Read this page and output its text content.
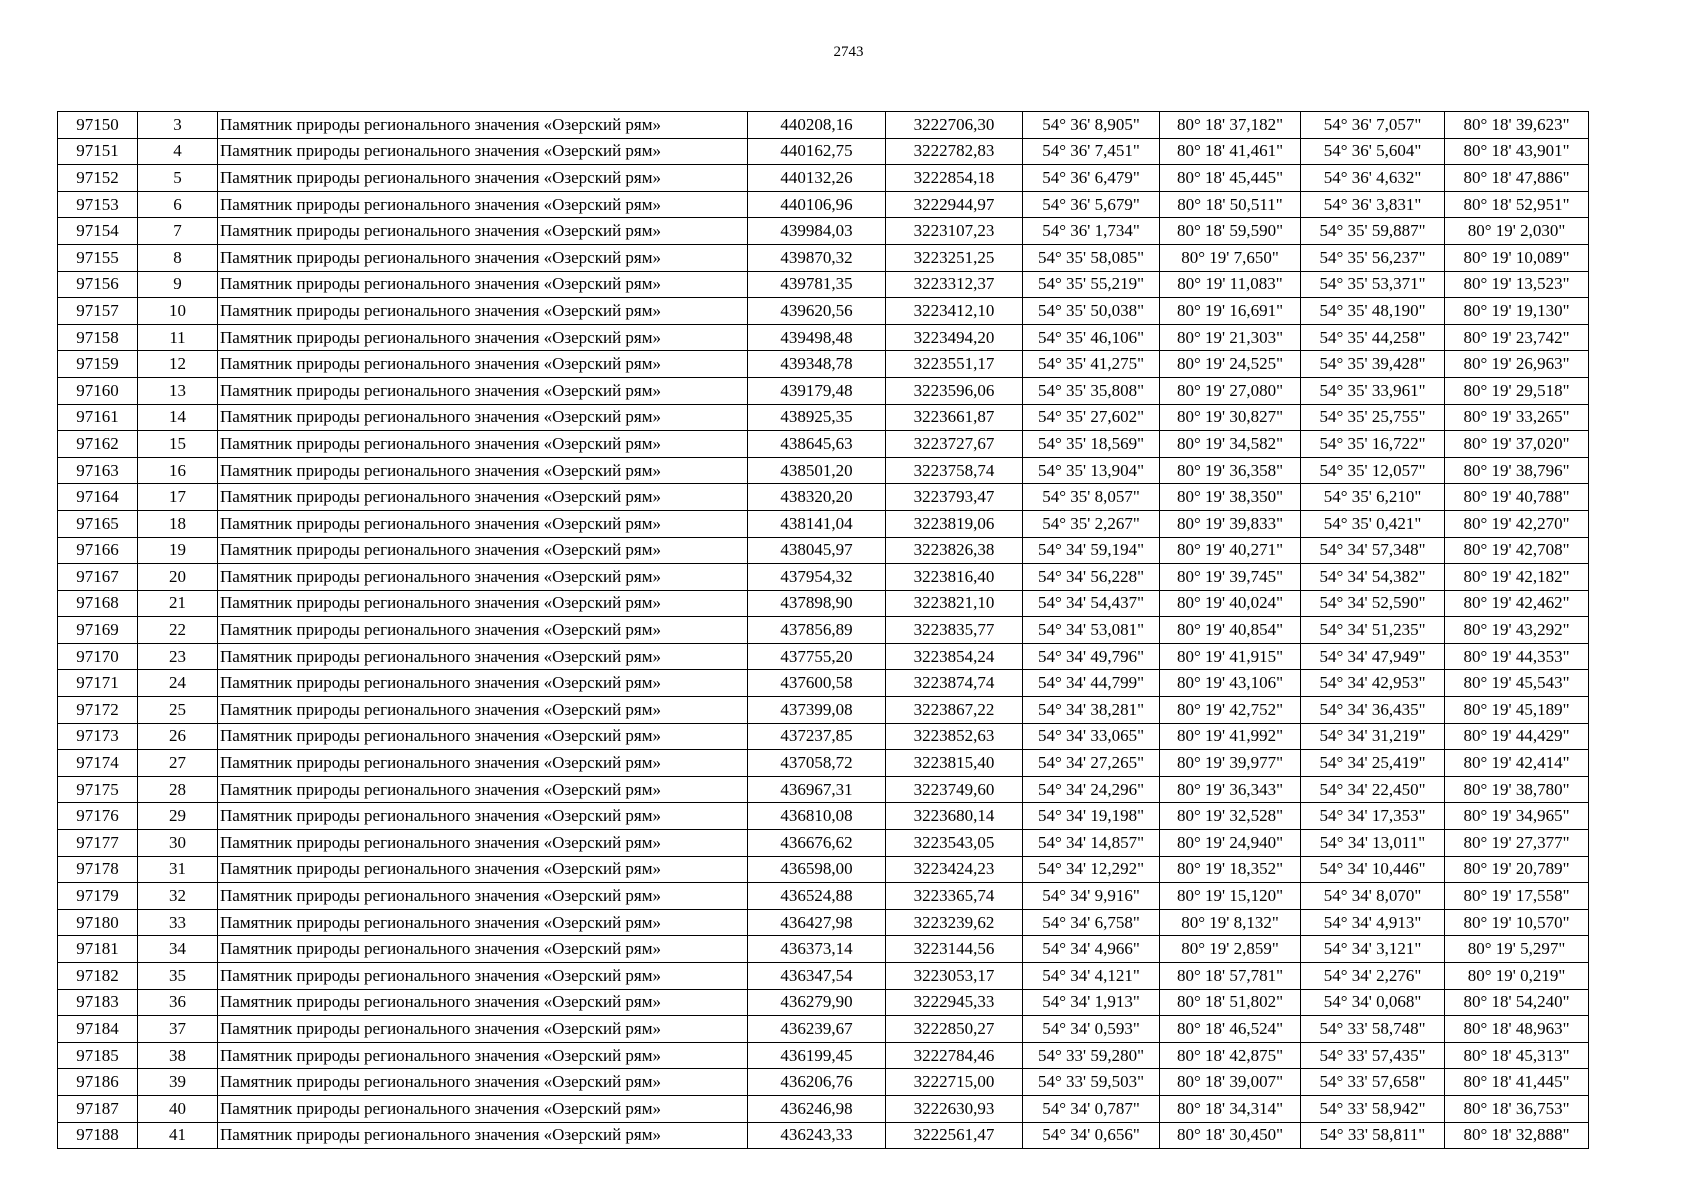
2743
97150	3	Памятник природы регионального значения «Озерский рям»	440208,16	3222706,30	54° 36' 8,905"	80° 18' 37,182"	54° 36' 7,057"	80° 18' 39,623"
97151	4	Памятник природы регионального значения «Озерский рям»	440162,75	3222782,83	54° 36' 7,451"	80° 18' 41,461"	54° 36' 5,604"	80° 18' 43,901"
97152	5	Памятник природы регионального значения «Озерский рям»	440132,26	3222854,18	54° 36' 6,479"	80° 18' 45,445"	54° 36' 4,632"	80° 18' 47,886"
97153	6	Памятник природы регионального значения «Озерский рям»	440106,96	3222944,97	54° 36' 5,679"	80° 18' 50,511"	54° 36' 3,831"	80° 18' 52,951"
97154	7	Памятник природы регионального значения «Озерский рям»	439984,03	3223107,23	54° 36' 1,734"	80° 18' 59,590"	54° 35' 59,887"	80° 19' 2,030"
97155	8	Памятник природы регионального значения «Озерский рям»	439870,32	3223251,25	54° 35' 58,085"	80° 19' 7,650"	54° 35' 56,237"	80° 19' 10,089"
97156	9	Памятник природы регионального значения «Озерский рям»	439781,35	3223312,37	54° 35' 55,219"	80° 19' 11,083"	54° 35' 53,371"	80° 19' 13,523"
97157	10	Памятник природы регионального значения «Озерский рям»	439620,56	3223412,10	54° 35' 50,038"	80° 19' 16,691"	54° 35' 48,190"	80° 19' 19,130"
97158	11	Памятник природы регионального значения «Озерский рям»	439498,48	3223494,20	54° 35' 46,106"	80° 19' 21,303"	54° 35' 44,258"	80° 19' 23,742"
97159	12	Памятник природы регионального значения «Озерский рям»	439348,78	3223551,17	54° 35' 41,275"	80° 19' 24,525"	54° 35' 39,428"	80° 19' 26,963"
97160	13	Памятник природы регионального значения «Озерский рям»	439179,48	3223596,06	54° 35' 35,808"	80° 19' 27,080"	54° 35' 33,961"	80° 19' 29,518"
97161	14	Памятник природы регионального значения «Озерский рям»	438925,35	3223661,87	54° 35' 27,602"	80° 19' 30,827"	54° 35' 25,755"	80° 19' 33,265"
97162	15	Памятник природы регионального значения «Озерский рям»	438645,63	3223727,67	54° 35' 18,569"	80° 19' 34,582"	54° 35' 16,722"	80° 19' 37,020"
97163	16	Памятник природы регионального значения «Озерский рям»	438501,20	3223758,74	54° 35' 13,904"	80° 19' 36,358"	54° 35' 12,057"	80° 19' 38,796"
97164	17	Памятник природы регионального значения «Озерский рям»	438320,20	3223793,47	54° 35' 8,057"	80° 19' 38,350"	54° 35' 6,210"	80° 19' 40,788"
97165	18	Памятник природы регионального значения «Озерский рям»	438141,04	3223819,06	54° 35' 2,267"	80° 19' 39,833"	54° 35' 0,421"	80° 19' 42,270"
97166	19	Памятник природы регионального значения «Озерский рям»	438045,97	3223826,38	54° 34' 59,194"	80° 19' 40,271"	54° 34' 57,348"	80° 19' 42,708"
97167	20	Памятник природы регионального значения «Озерский рям»	437954,32	3223816,40	54° 34' 56,228"	80° 19' 39,745"	54° 34' 54,382"	80° 19' 42,182"
97168	21	Памятник природы регионального значения «Озерский рям»	437898,90	3223821,10	54° 34' 54,437"	80° 19' 40,024"	54° 34' 52,590"	80° 19' 42,462"
97169	22	Памятник природы регионального значения «Озерский рям»	437856,89	3223835,77	54° 34' 53,081"	80° 19' 40,854"	54° 34' 51,235"	80° 19' 43,292"
97170	23	Памятник природы регионального значения «Озерский рям»	437755,20	3223854,24	54° 34' 49,796"	80° 19' 41,915"	54° 34' 47,949"	80° 19' 44,353"
97171	24	Памятник природы регионального значения «Озерский рям»	437600,58	3223874,74	54° 34' 44,799"	80° 19' 43,106"	54° 34' 42,953"	80° 19' 45,543"
97172	25	Памятник природы регионального значения «Озерский рям»	437399,08	3223867,22	54° 34' 38,281"	80° 19' 42,752"	54° 34' 36,435"	80° 19' 45,189"
97173	26	Памятник природы регионального значения «Озерский рям»	437237,85	3223852,63	54° 34' 33,065"	80° 19' 41,992"	54° 34' 31,219"	80° 19' 44,429"
97174	27	Памятник природы регионального значения «Озерский рям»	437058,72	3223815,40	54° 34' 27,265"	80° 19' 39,977"	54° 34' 25,419"	80° 19' 42,414"
97175	28	Памятник природы регионального значения «Озерский рям»	436967,31	3223749,60	54° 34' 24,296"	80° 19' 36,343"	54° 34' 22,450"	80° 19' 38,780"
97176	29	Памятник природы регионального значения «Озерский рям»	436810,08	3223680,14	54° 34' 19,198"	80° 19' 32,528"	54° 34' 17,353"	80° 19' 34,965"
97177	30	Памятник природы регионального значения «Озерский рям»	436676,62	3223543,05	54° 34' 14,857"	80° 19' 24,940"	54° 34' 13,011"	80° 19' 27,377"
97178	31	Памятник природы регионального значения «Озерский рям»	436598,00	3223424,23	54° 34' 12,292"	80° 19' 18,352"	54° 34' 10,446"	80° 19' 20,789"
97179	32	Памятник природы регионального значения «Озерский рям»	436524,88	3223365,74	54° 34' 9,916"	80° 19' 15,120"	54° 34' 8,070"	80° 19' 17,558"
97180	33	Памятник природы регионального значения «Озерский рям»	436427,98	3223239,62	54° 34' 6,758"	80° 19' 8,132"	54° 34' 4,913"	80° 19' 10,570"
97181	34	Памятник природы регионального значения «Озерский рям»	436373,14	3223144,56	54° 34' 4,966"	80° 19' 2,859"	54° 34' 3,121"	80° 19' 5,297"
97182	35	Памятник природы регионального значения «Озерский рям»	436347,54	3223053,17	54° 34' 4,121"	80° 18' 57,781"	54° 34' 2,276"	80° 19' 0,219"
97183	36	Памятник природы регионального значения «Озерский рям»	436279,90	3222945,33	54° 34' 1,913"	80° 18' 51,802"	54° 34' 0,068"	80° 18' 54,240"
97184	37	Памятник природы регионального значения «Озерский рям»	436239,67	3222850,27	54° 34' 0,593"	80° 18' 46,524"	54° 33' 58,748"	80° 18' 48,963"
97185	38	Памятник природы регионального значения «Озерский рям»	436199,45	3222784,46	54° 33' 59,280"	80° 18' 42,875"	54° 33' 57,435"	80° 18' 45,313"
97186	39	Памятник природы регионального значения «Озерский рям»	436206,76	3222715,00	54° 33' 59,503"	80° 18' 39,007"	54° 33' 57,658"	80° 18' 41,445"
97187	40	Памятник природы регионального значения «Озерский рям»	436246,98	3222630,93	54° 34' 0,787"	80° 18' 34,314"	54° 33' 58,942"	80° 18' 36,753"
97188	41	Памятник природы регионального значения «Озерский рям»	436243,33	3222561,47	54° 34' 0,656"	80° 18' 30,450"	54° 33' 58,811"	80° 18' 32,888"
